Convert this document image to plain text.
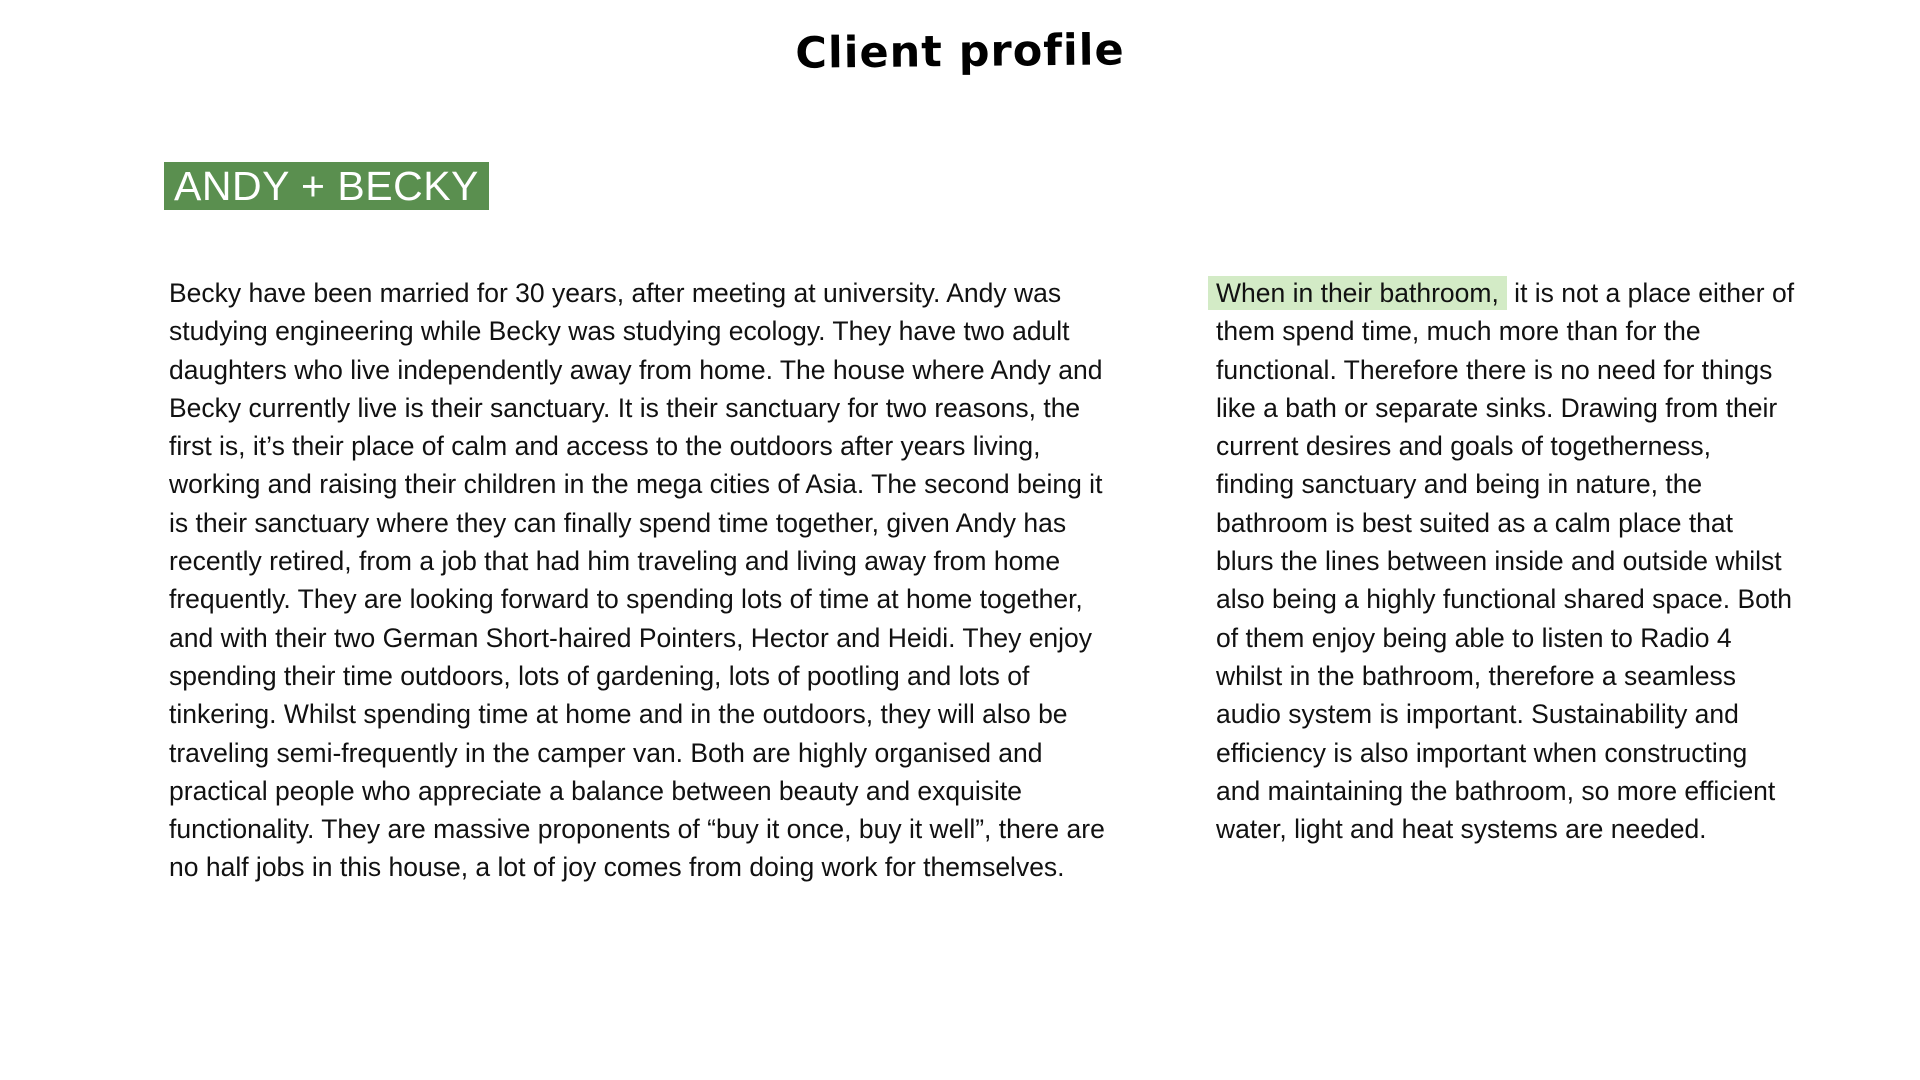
Client profile
ANDY + BECKY
Becky have been married for 30 years, after meeting at university. Andy was studying engineering while Becky was studying ecology. They have two adult daughters who live independently away from home. The house where Andy and Becky currently live is their sanctuary. It is their sanctuary for two reasons, the first is, it’s their place of calm and access to the outdoors after years living, working and raising their children in the mega cities of Asia. The second being it is their sanctuary where they can finally spend time together, given Andy has recently retired, from a job that had him traveling and living away from home frequently. They are looking forward to spending lots of time at home together, and with their two German Short-haired Pointers, Hector and Heidi. They enjoy spending their time outdoors, lots of gardening, lots of pootling and lots of tinkering. Whilst spending time at home and in the outdoors, they will also be traveling semi-frequently in the camper van. Both are highly organised and practical people who appreciate a balance between beauty and exquisite functionality. They are massive proponents of “buy it once, buy it well”, there are no half jobs in this house, a lot of joy comes from doing work for themselves.
When in their bathroom, it is not a place either of them spend time, much more than for the functional. Therefore there is no need for things like a bath or separate sinks. Drawing from their current desires and goals of togetherness, finding sanctuary and being in nature, the bathroom is best suited as a calm place that blurs the lines between inside and outside whilst also being a highly functional shared space. Both of them enjoy being able to listen to Radio 4 whilst in the bathroom, therefore a seamless audio system is important. Sustainability and efficiency is also important when constructing and maintaining the bathroom, so more efficient water, light and heat systems are needed.
